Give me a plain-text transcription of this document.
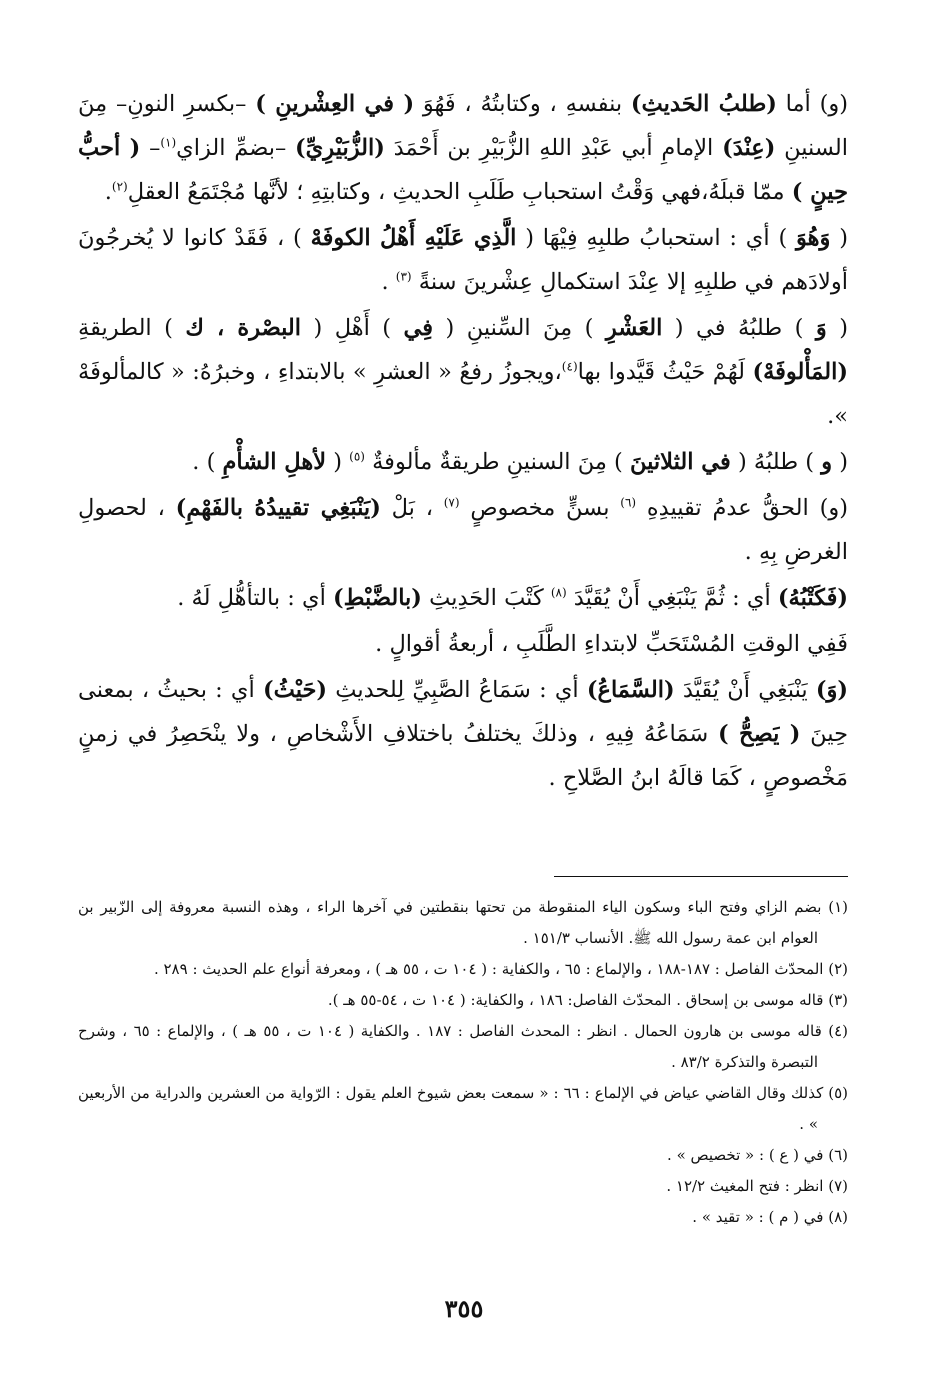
(و) أما (طلبُ الحَديثِ) بنفسهِ ، وكتابتُهُ ، فَهُوَ ( في العِشْرينِ ) –بكسرِ النونِ– مِنَ السنينِ (عِنْدَ) الإمامِ أبي عَبْدِ اللهِ الزُّبَيْرِ بن أَحْمَدَ (الزُّبَيْرِيِّ) –بضمِّ الزاي$^{(١)}$– ( أحبُّ حِينٍ ) ممّا قبلَهُ،فهي وَقْتُ استحبابِ طَلَبِ الحديثِ ، وكتابتِهِ ؛ لأنَّها مُجْتَمَعُ العقلِ$^{(٢)}$.

( وَهُوَ ) أي : استحبابُ طلبِهِ فِيْهَا ( الَّذِي عَلَيْهِ أَهْلُ الكوفَهْ ) ، فَقَدْ كانوا لا يُخرجُونَ أولادَهم في طلبِهِ إلا عِنْدَ استكمالِ عِشْرينَ سنةً $^{(٣)}$ .

( وَ ) طلبُهُ في ( العَشْرِ ) مِنَ السِّنينِ ( فِي ) أَهْلِ ( البصْرة ، ك ) الطريقةِ (المَأْلوفَهْ) لَهُمْ حَيْثُ قَيَّدوا بها$^{(٤)}$،ويجوزُ رفعُ « العشرِ » بالابتداءِ ، وخبرُهُ: « كالمألوفَهْ ».

( و ) طلبُهُ ( في الثلاثينَ ) مِنَ السنينِ طريقةٌ مألوفةٌ $^{(٥)}$ ( لأهلِ الشأْمِ ) .

(و) الحقُّ عدمُ تقييدِهِ $^{(٦)}$ بسنٍّ مخصوصٍ $^{(٧)}$ ، بَلْ (يَنْبَغِي تقييدُهُ بالفَهْمِ) ، لحصولِ الغرضِ بِهِ .

(فَكَتْبُهُ) أي : ثُمَّ يَنْبَغِي أَنْ يُقَيَّدَ $^{(٨)}$ كَتْبَ الحَدِيثِ (بالضَّبْطِ) أي : بالتأهُّلِ لَهُ .

فَفِي الوقتِ المُسْتَحَبِّ لابتداءِ الطَّلَبِ ، أربعةُ أقوالٍ .

(وَ) يَنْبَغِي أَنْ يُقَيَّدَ (السَّمَاعُ) أي : سَمَاعُ الصَّبِيِّ لِلحديثِ (حَيْثُ) أي : بحيثُ ، بمعنى حِينَ ( يَصِحُّ ) سَمَاعُهُ فِيهِ ، وذلكَ يختلفُ باختلافِ الأَشْخاصِ ، ولا ينْحَصِرُ في زمنٍ مَخْصوصٍ ، كَمَا قالَهُ ابنُ الصَّلاحِ .

(١) بضم الزاي وفتح الباء وسكون الياء المنقوطة من تحتها بنقطتين في آخرها الراء ، وهذه النسبة معروفة إلى الزّبير بن العوام ابن عمة رسول الله ﷺ. الأنساب ١٥١/٣ .

(٢) المحدّث الفاصل : ١٨٧-١٨٨ ، والإلماع : ٦٥ ، والكفاية : ( ١٠٤ ت ، ٥٥ هـ ) ، ومعرفة أنواع علم الحديث : ٢٨٩ .

(٣) قاله موسى بن إسحاق . المحدّث الفاصل: ١٨٦ ، والكفاية: ( ١٠٤ ت ، ٥٤-٥٥ هـ ).

(٤) قاله موسى بن هارون الحمال . انظر : المحدث الفاصل : ١٨٧ . والكفاية ( ١٠٤ ت ، ٥٥ هـ ) ، والإلماع : ٦٥ ، وشرح التبصرة والتذكرة ٨٣/٢ .

(٥) كذلك وقال القاضي عياض في الإلماع : ٦٦ : « سمعت بعض شيوخ العلم يقول : الرّواية من العشرين والدراية من الأربعين » .

(٦) في ( ع ) : « تخصيص » .

(٧) انظر : فتح المغيث ١٢/٢ .

(٨) في ( م ) : « تقيد » .

٣٥٥
